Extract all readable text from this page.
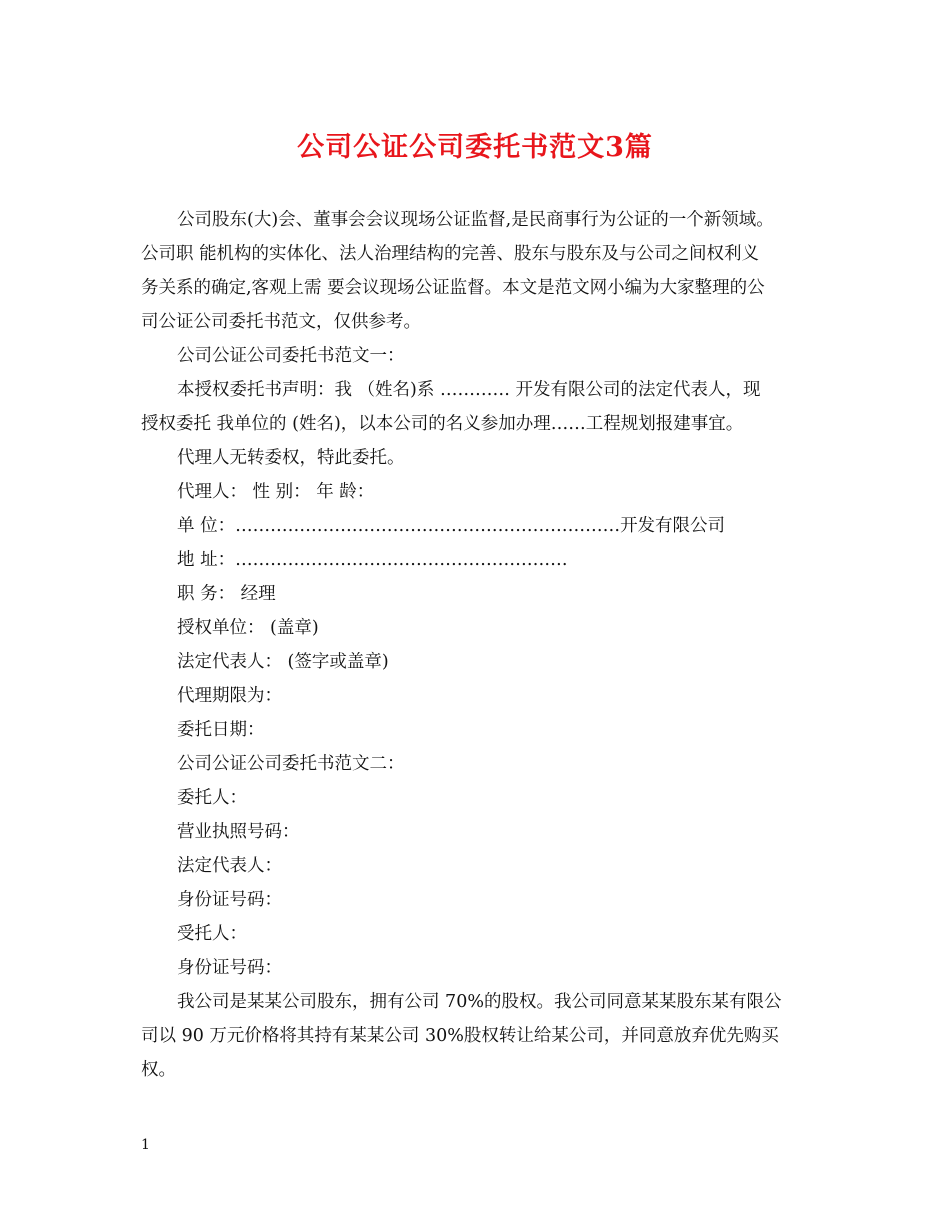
公司公证公司委托书范文3篇

公司股东(大)会、董事会会议现场公证监督,是民商事行为公证的一个新领域。

公司职 能机构的实体化、法人治理结构的完善、股东与股东及与公司之间权利义
务关系的确定,客观上需 要会议现场公证监督。本文是范文网小编为大家整理的公
司公证公司委托书范文，仅供参考。

公司公证公司委托书范文一：

本授权委托书声明：我 （姓名)系 ………… 开发有限公司的法定代表人，现

授权委托 我单位的 (姓名)，以本公司的名义参加办理……工程规划报建事宜。

代理人无转委权，特此委托。

代理人： 性 别： 年 龄：

单 位：…………………………………………………………开发有限公司

地 址：…………………………………………………

职 务： 经理

授权单位： (盖章)

法定代表人： (签字或盖章)

代理期限为：

委托日期：

公司公证公司委托书范文二：

委托人：

营业执照号码：

法定代表人：

身份证号码：

受托人：

身份证号码：

我公司是某某公司股东，拥有公司 70%的股权。我公司同意某某股东某有限公

司以 90 万元价格将其持有某某公司 30%股权转让给某公司，并同意放弃优先购买
权。
1
